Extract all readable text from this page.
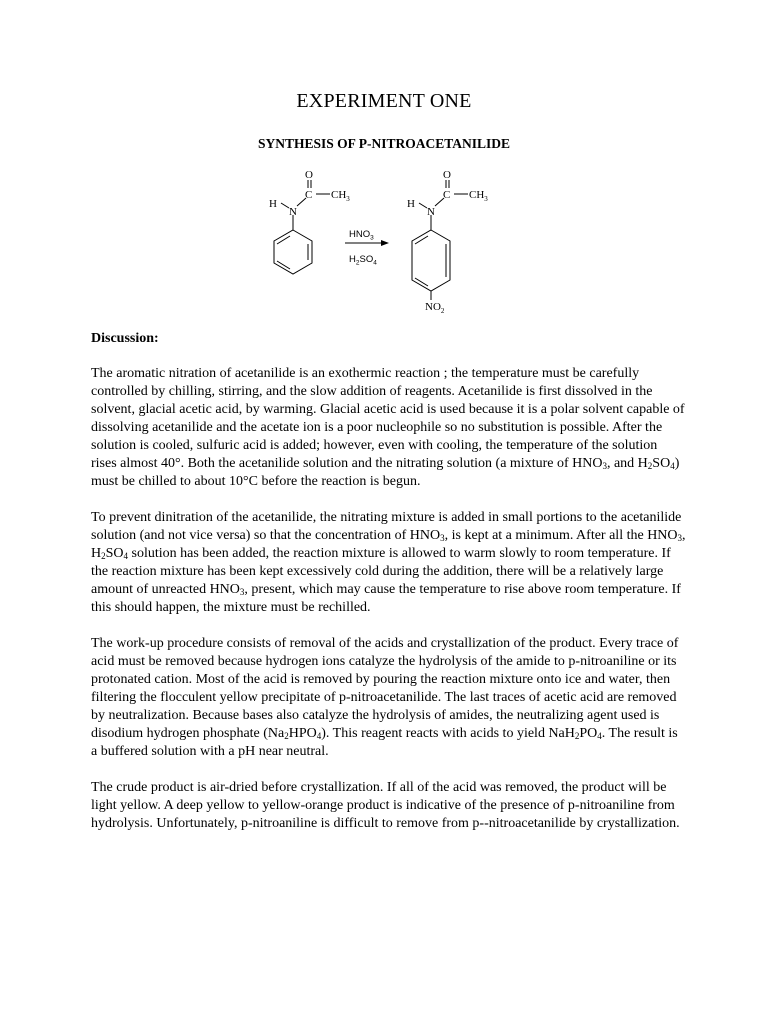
EXPERIMENT ONE
SYNTHESIS OF P-NITROACETANILIDE
O
C $CH_3$
H
N
$HNO_3$
$H_2SO_4$
O
C $CH_3$
H
N
$NO_2$
Discussion:

The aromatic nitration of acetanilide is an exothermic reaction ; the temperature must be carefully controlled by chilling, stirring, and the slow addition of reagents. Acetanilide is first dissolved in the solvent, glacial acetic acid, by warming. Glacial acetic acid is used because it is a polar solvent capable of dissolving acetanilide and the acetate ion is a poor nucleophile so no substitution is possible. After the solution is cooled, sulfuric acid is added; however, even with cooling, the temperature of the solution rises almost 40°. Both the acetanilide solution and the nitrating solution (a mixture of $HNO_3$, and $H_2SO_4$) must be chilled to about 10°C before the reaction is begun.

To prevent dinitration of the acetanilide, the nitrating mixture is added in small portions to the acetanilide solution (and not vice versa) so that the concentration of $HNO_3$, is kept at a minimum. After all the $HNO_3$, $H_2SO_4$ solution has been added, the reaction mixture is allowed to warm slowly to room temperature. If the reaction mixture has been kept excessively cold during the addition, there will be a relatively large amount of unreacted $HNO_3$, present, which may cause the temperature to rise above room temperature. If this should happen, the mixture must be rechilled.

The work-up procedure consists of removal of the acids and crystallization of the product. Every trace of acid must be removed because hydrogen ions catalyze the hydrolysis of the amide to p-nitroaniline or its protonated cation. Most of the acid is removed by pouring the reaction mixture onto ice and water, then filtering the flocculent yellow precipitate of p-nitroacetanilide. The last traces of acetic acid are removed by neutralization. Because bases also catalyze the hydrolysis of amides, the neutralizing agent used is disodium hydrogen phosphate $(Na_2HPO_4)$. This reagent reacts with acids to yield $NaH_2PO_4$. The result is a buffered solution with a pH near neutral.

The crude product is air-dried before crystallization. If all of the acid was removed, the product will be light yellow. A deep yellow to yellow-orange product is indicative of the presence of p-nitroaniline from hydrolysis. Unfortunately, p-nitroaniline is difficult to remove from p--nitroacetanilide by crystallization.
